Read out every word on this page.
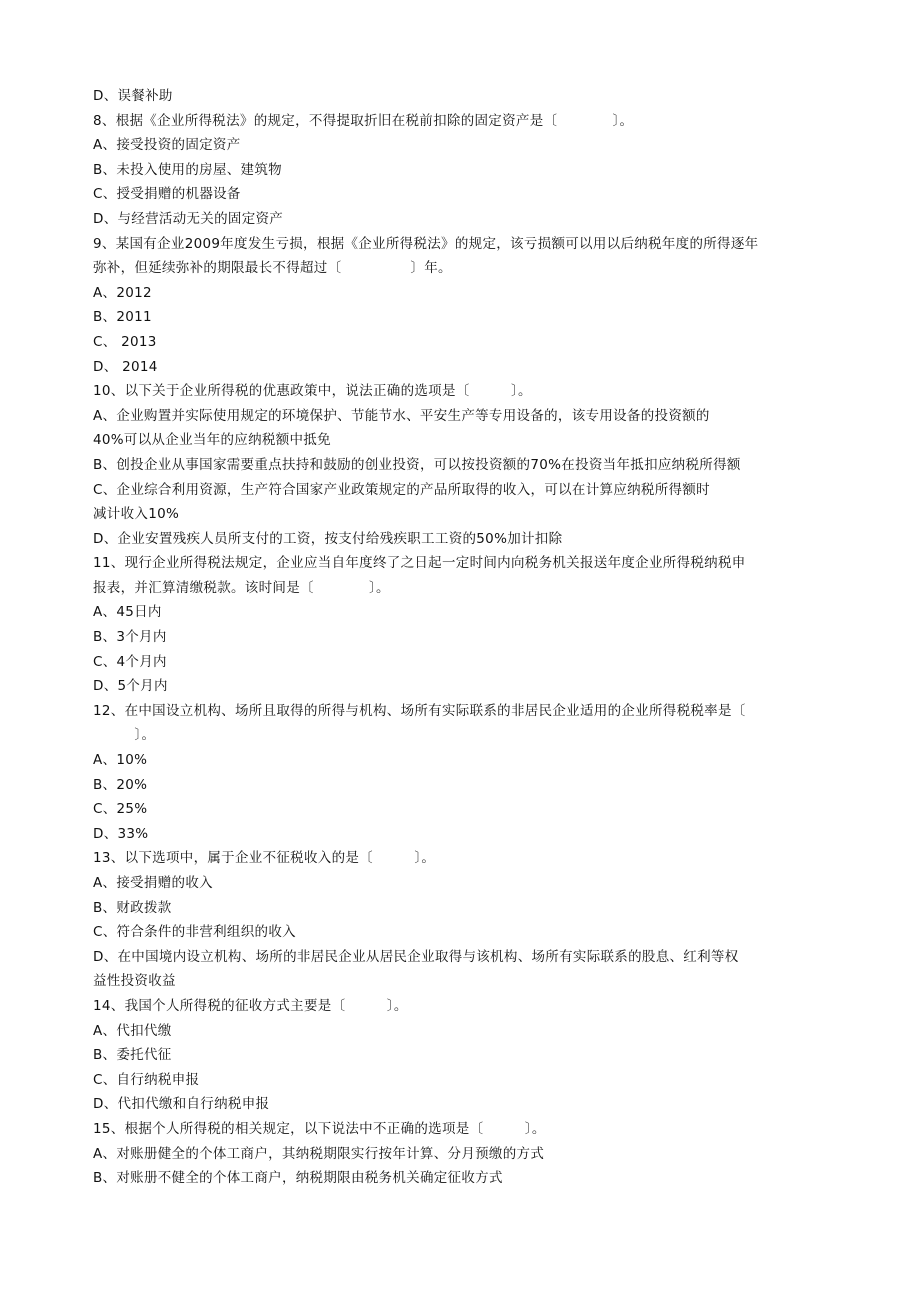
D、误餐补助
8、根据《企业所得税法》的规定，不得提取折旧在税前扣除的固定资产是〔　　　　〕。
A、接受投资的固定资产
B、未投入使用的房屋、建筑物
C、授受捐赠的机器设备
D、与经营活动无关的固定资产
9、某国有企业2009年度发生亏损，根据《企业所得税法》的规定，该亏损额可以用以后纳税年度的所得逐年
弥补，但延续弥补的期限最长不得超过〔　　　　　〕年。
A、2012
B、2011
C、 2013
D、 2014
10、以下关于企业所得税的优惠政策中，说法正确的选项是〔　　　〕。
A、企业购置并实际使用规定的环境保护、节能节水、平安生产等专用设备的，该专用设备的投资额的
40%可以从企业当年的应纳税额中抵免
B、创投企业从事国家需要重点扶持和鼓励的创业投资，可以按投资额的70%在投资当年抵扣应纳税所得额
C、企业综合利用资源，生产符合国家产业政策规定的产品所取得的收入，可以在计算应纳税所得额时
减计收入10%
D、企业安置残疾人员所支付的工资，按支付给残疾职工工资的50%加计扣除
11、现行企业所得税法规定，企业应当自年度终了之日起一定时间内向税务机关报送年度企业所得税纳税申
报表，并汇算清缴税款。该时间是〔　　　　〕。
A、45日内
B、3个月内
C、4个月内
D、5个月内
12、在中国设立机构、场所且取得的所得与机构、场所有实际联系的非居民企业适用的企业所得税税率是〔
　　　〕。
A、10%
B、20%
C、25%
D、33%
13、以下选项中，属于企业不征税收入的是〔　　　〕。
A、接受捐赠的收入
B、财政拨款
C、符合条件的非营利组织的收入
D、在中国境内设立机构、场所的非居民企业从居民企业取得与该机构、场所有实际联系的股息、红利等权
益性投资收益
14、我国个人所得税的征收方式主要是〔　　　〕。
A、代扣代缴
B、委托代征
C、自行纳税申报
D、代扣代缴和自行纳税申报
15、根据个人所得税的相关规定，以下说法中不正确的选项是〔　　　〕。
A、对账册健全的个体工商户，其纳税期限实行按年计算、分月预缴的方式
B、对账册不健全的个体工商户，纳税期限由税务机关确定征收方式
